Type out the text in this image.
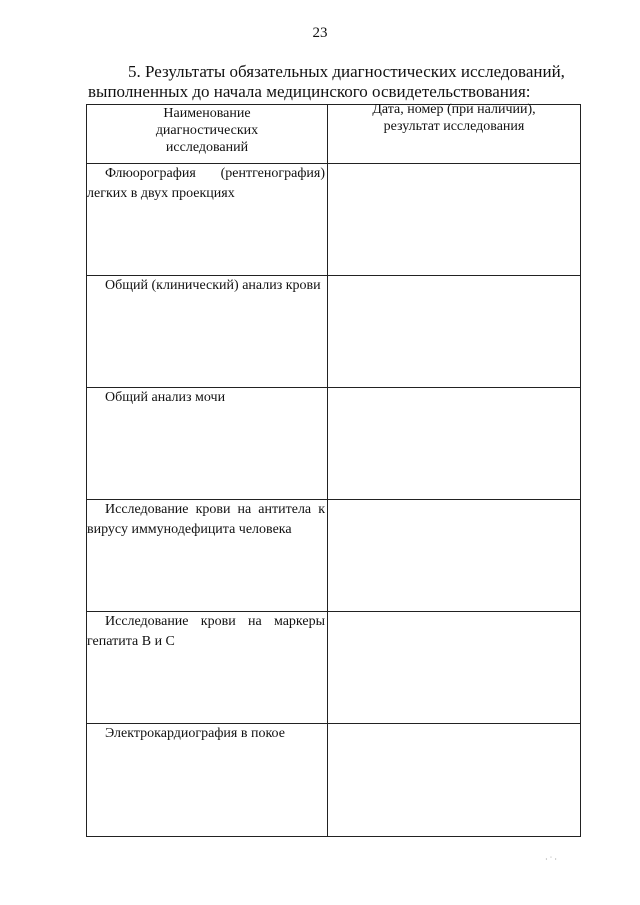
23
5. Результаты обязательных диагностических исследований,
выполненных до начала медицинского освидетельствования:
Наименование диагностических исследований	Дата, номер (при наличии), результат исследования

Флюорография (рентгенография) легких в двух проекциях	

Общий (клинический) анализ крови	

Общий анализ мочи	

Исследование крови на антитела к вирусу иммунодефицита человека	

Исследование крови на маркеры гепатита В и С	

Электрокардиография в покое	

· ˙ ·
